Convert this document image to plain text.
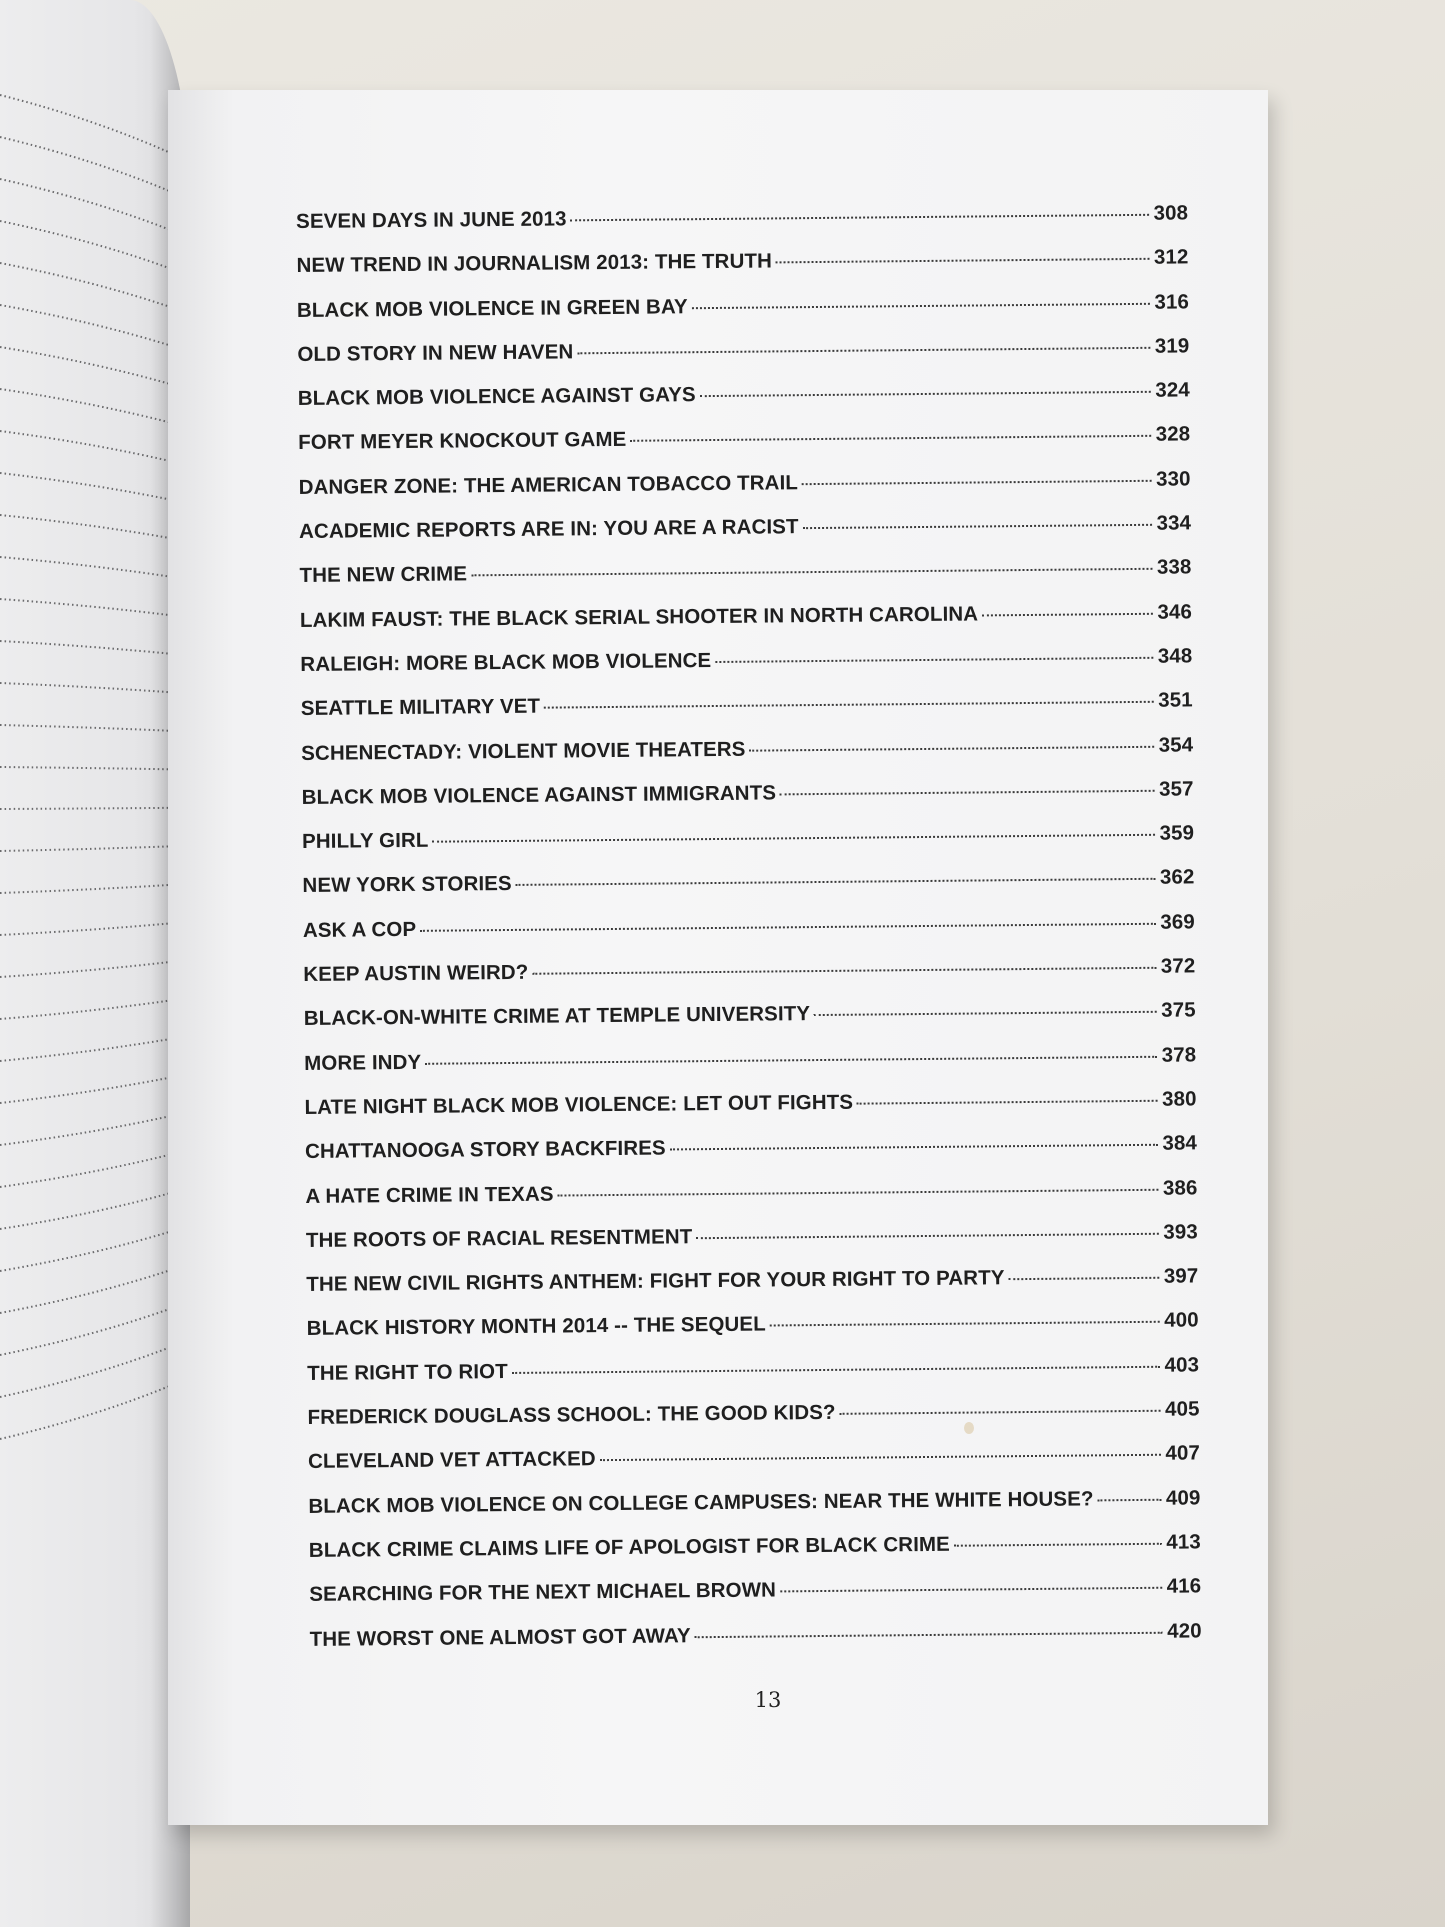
SEVEN DAYS IN JUNE 2013	308
NEW TREND IN JOURNALISM 2013: THE TRUTH	312
BLACK MOB VIOLENCE IN GREEN BAY	316
OLD STORY IN NEW HAVEN	319
BLACK MOB VIOLENCE AGAINST GAYS	324
FORT MEYER KNOCKOUT GAME	328
DANGER ZONE: THE AMERICAN TOBACCO TRAIL	330
ACADEMIC REPORTS ARE IN: YOU ARE A RACIST	334
THE NEW CRIME	338
LAKIM FAUST: THE BLACK SERIAL SHOOTER IN NORTH CAROLINA	346
RALEIGH: MORE BLACK MOB VIOLENCE	348
SEATTLE MILITARY VET	351
SCHENECTADY: VIOLENT MOVIE THEATERS	354
BLACK MOB VIOLENCE AGAINST IMMIGRANTS	357
PHILLY GIRL	359
NEW YORK STORIES	362
ASK A COP	369
KEEP AUSTIN WEIRD?	372
BLACK-ON-WHITE CRIME AT TEMPLE UNIVERSITY	375
MORE INDY	378
LATE NIGHT BLACK MOB VIOLENCE: LET OUT FIGHTS	380
CHATTANOOGA STORY BACKFIRES	384
A HATE CRIME IN TEXAS	386
THE ROOTS OF RACIAL RESENTMENT	393
THE NEW CIVIL RIGHTS ANTHEM: FIGHT FOR YOUR RIGHT TO PARTY	397
BLACK HISTORY MONTH 2014 -- THE SEQUEL	400
THE RIGHT TO RIOT	403
FREDERICK DOUGLASS SCHOOL: THE GOOD KIDS?	405
CLEVELAND VET ATTACKED	407
BLACK MOB VIOLENCE ON COLLEGE CAMPUSES: NEAR THE WHITE HOUSE?	409
BLACK CRIME CLAIMS LIFE OF APOLOGIST FOR BLACK CRIME	413
SEARCHING FOR THE NEXT MICHAEL BROWN	416
THE WORST ONE ALMOST GOT AWAY	420
13
